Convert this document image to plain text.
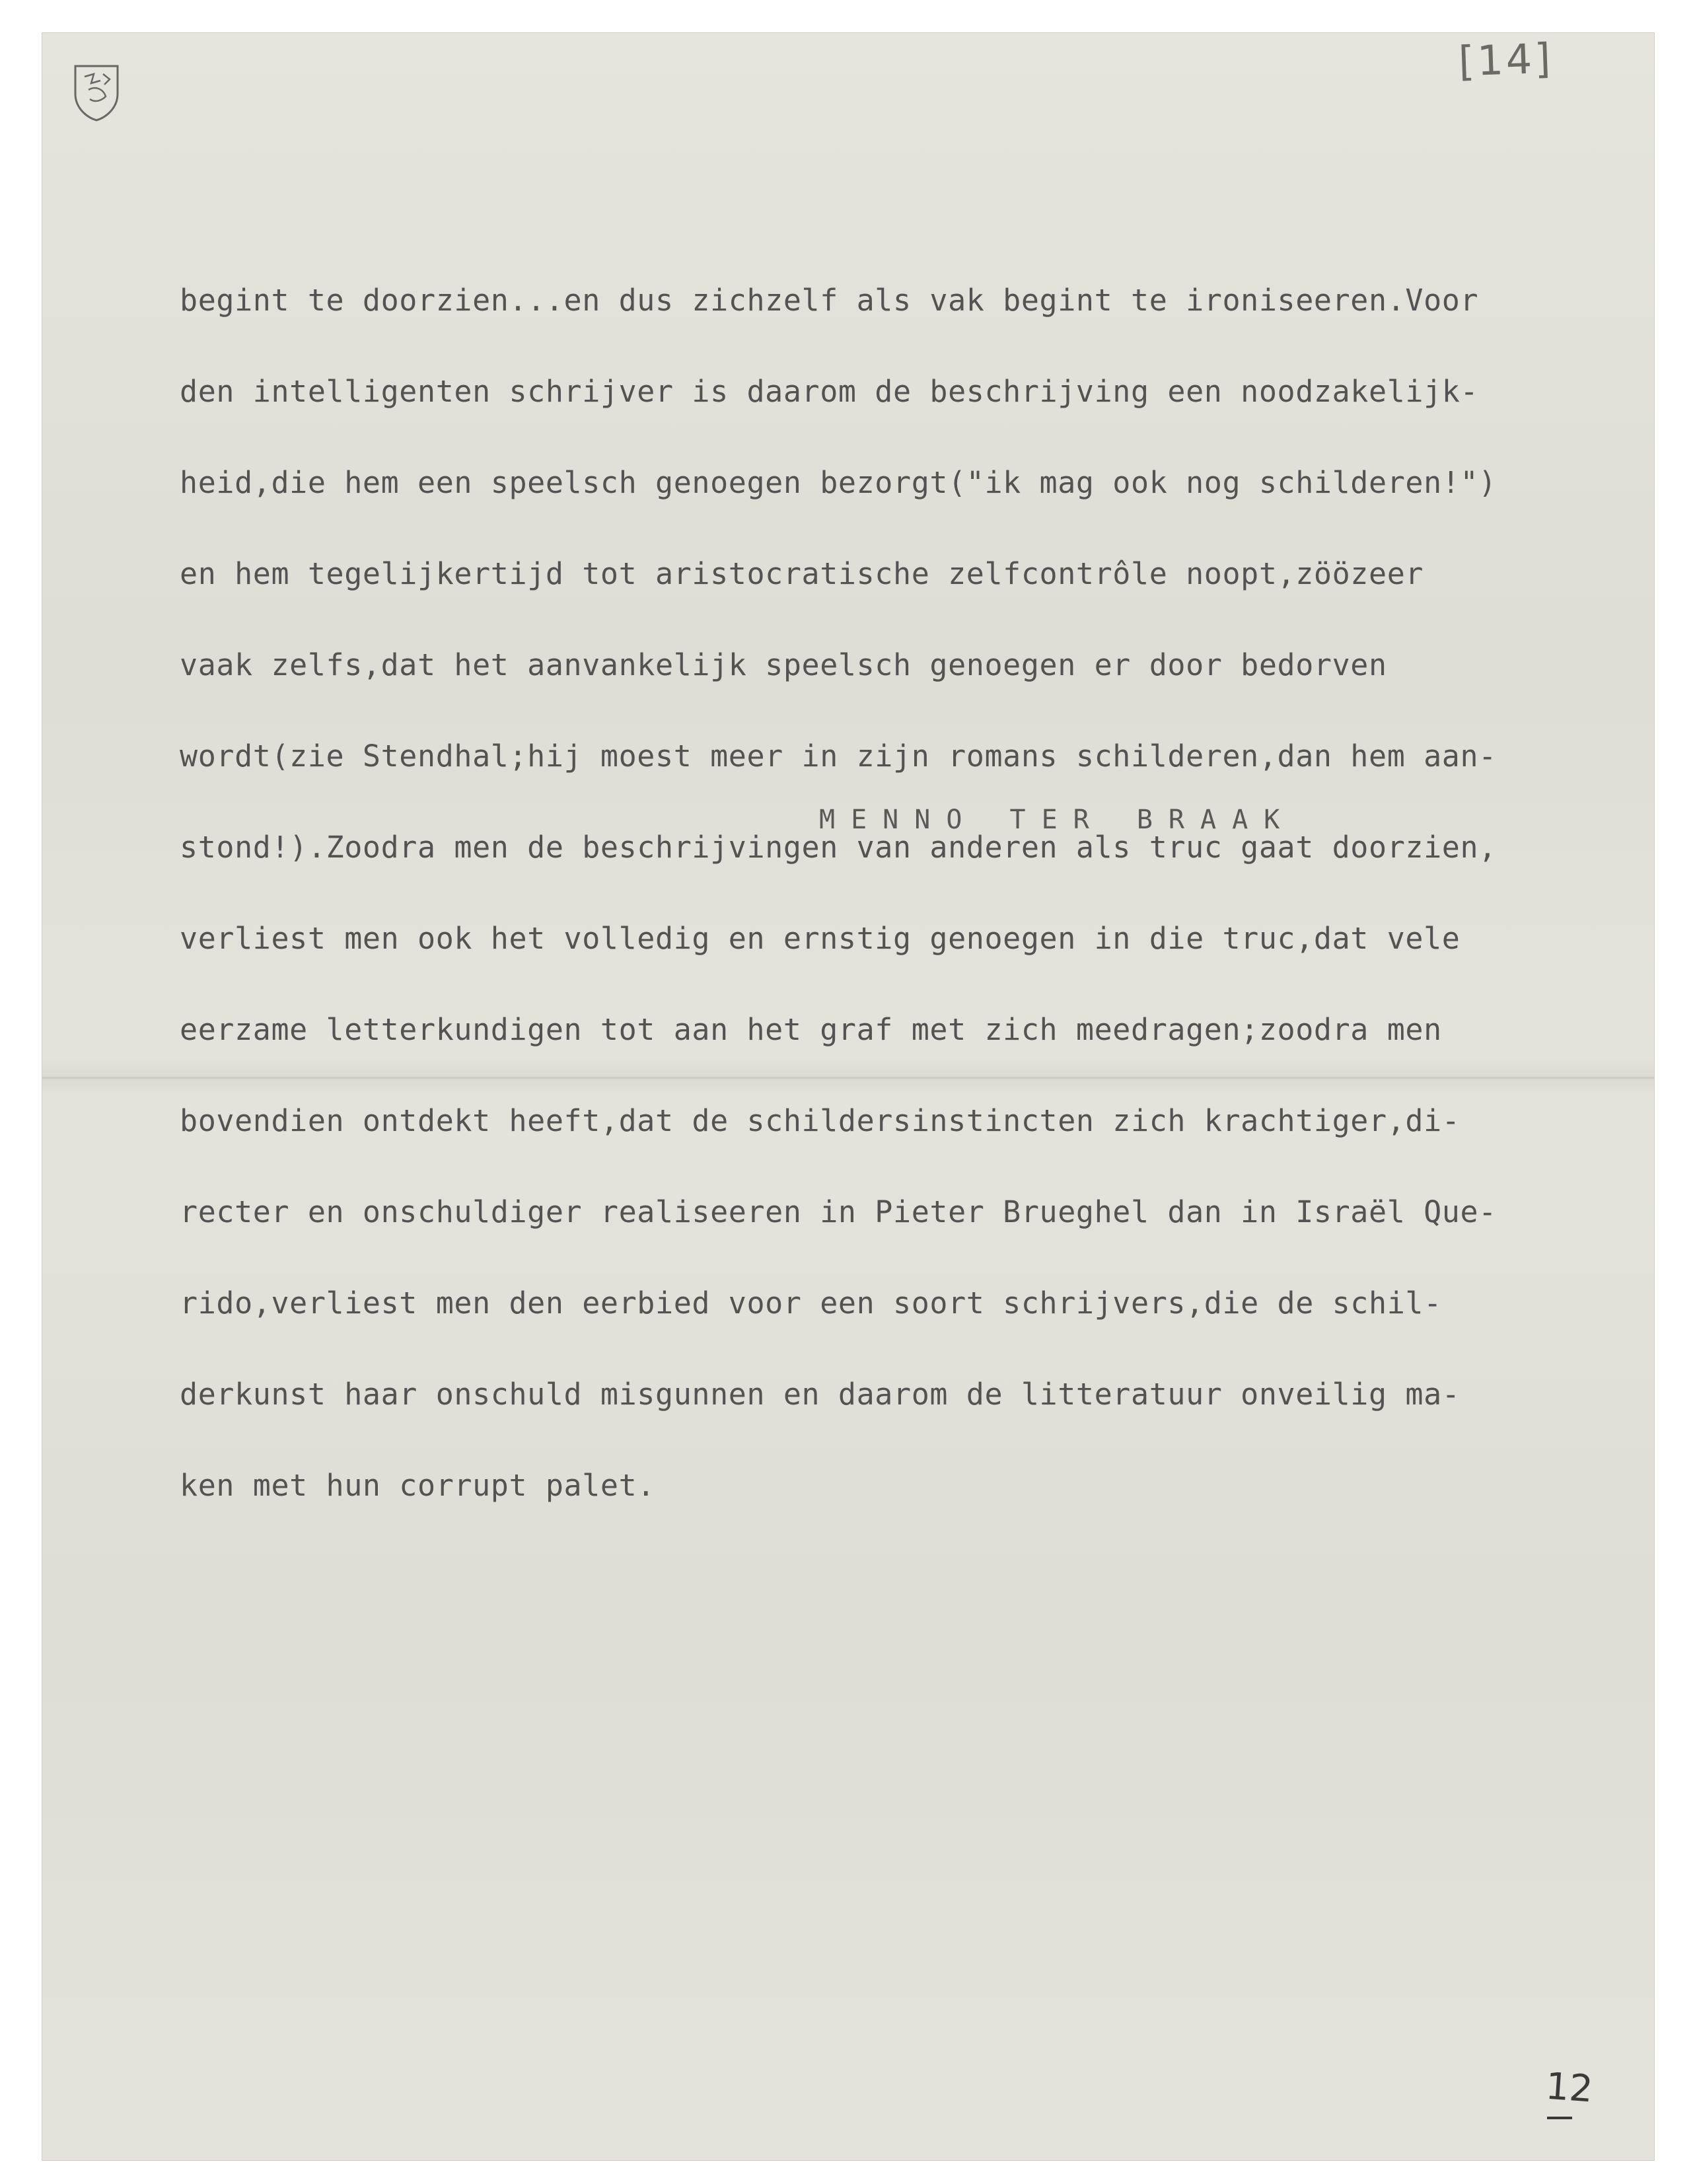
[14]

begint te doorzien...en dus zichzelf als vak begint te ironiseeren.Voor

den intelligenten schrijver is daarom de beschrijving een noodzakelijk-

heid,die hem een speelsch genoegen bezorgt("ik mag ook nog schilderen!")

en hem tegelijkertijd tot aristocratische zelfcontrôle noopt,zöözeer

vaak zelfs,dat het aanvankelijk speelsch genoegen er door bedorven

wordt(zie Stendhal;hij moest meer in zijn romans schilderen,dan hem aan-

stond!).Zoodra men de beschrijvingen van anderen als truc gaat doorzien,

verliest men ook het volledig en ernstig genoegen in die truc,dat vele

eerzame letterkundigen tot aan het graf met zich meedragen;zoodra men

bovendien ontdekt heeft,dat de schildersinstincten zich krachtiger,di-

recter en onschuldiger realiseeren in Pieter Brueghel dan in Israël Que-

rido,verliest men den eerbied voor een soort schrijvers,die de schil-

derkunst haar onschuld misgunnen en daarom de litteratuur onveilig ma-

ken met hun corrupt palet.

MENNO TER BRAAK
12
